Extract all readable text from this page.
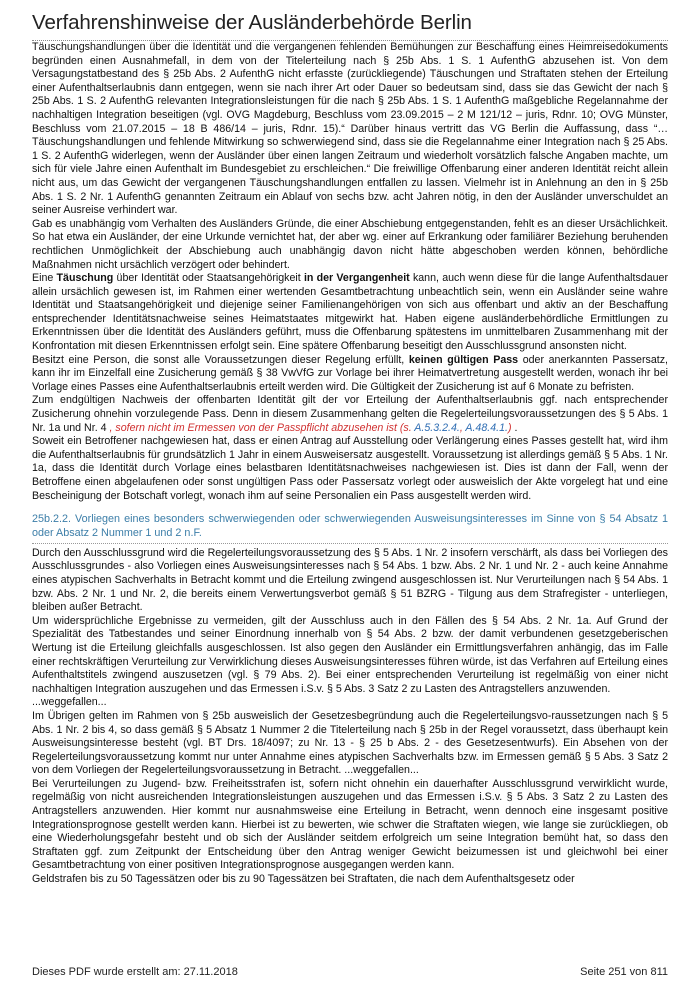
Verfahrenshinweise der Ausländerbehörde Berlin

Täuschungshandlungen über die Identität und die vergangenen fehlenden Bemühungen zur Beschaffung eines Heimreisedokuments begründen einen Ausnahmefall, in dem von der Titelerteilung nach § 25b Abs. 1 S. 1 AufenthG abzusehen ist. Von dem Versagungstatbestand des § 25b Abs. 2 AufenthG nicht erfasste (zurückliegende) Täuschungen und Straftaten stehen der Erteilung einer Aufenthaltserlaubnis dann entgegen, wenn sie nach ihrer Art oder Dauer so bedeutsam sind, dass sie das Gewicht der nach § 25b Abs. 1 S. 2 AufenthG relevanten Integrationsleistungen für die nach § 25b Abs. 1 S. 1 AufenthG maßgebliche Regelannahme der nachhaltigen Integration beseitigen (vgl. OVG Magdeburg, Beschluss vom 23.09.2015 – 2 M 121/12 – juris, Rdnr. 10; OVG Münster, Beschluss vom 21.07.2015 – 18 B 486/14 – juris, Rdnr. 15).“ Darüber hinaus vertritt das VG Berlin die Auffassung, dass “…Täuschungshandlungen und fehlende Mitwirkung so schwerwiegend sind, dass sie die Regelannahme einer Integration nach § 25 Abs. 1 S. 2 AufenthG widerlegen, wenn der Ausländer über einen langen Zeitraum und wiederholt vorsätzlich falsche Angaben machte, um sich für viele Jahre einen Aufenthalt im Bundesgebiet zu erschleichen.“ Die freiwillige Offenbarung einer anderen Identität reicht allein nicht aus, um das Gewicht der vergangenen Täuschungshandlungen entfallen zu lassen. Vielmehr ist in Anlehnung an den in § 25b Abs. 1 S. 2 Nr. 1 AufenthG genannten Zeitraum ein Ablauf von sechs bzw. acht Jahren nötig, in den der Ausländer unverschuldet an seiner Ausreise verhindert war.

Gab es unabhängig vom Verhalten des Ausländers Gründe, die einer Abschiebung entgegenstanden, fehlt es an dieser Ursächlichkeit. So hat etwa ein Ausländer, der eine Urkunde vernichtet hat, der aber wg. einer auf Erkrankung oder familiärer Beziehung beruhenden rechtlichen Unmöglichkeit der Abschiebung auch unabhängig davon nicht hätte abgeschoben werden können, behördliche Maßnahmen nicht ursächlich verzögert oder behindert.

Eine Täuschung über Identität oder Staatsangehörigkeit in der Vergangenheit kann, auch wenn diese für die lange Aufenthaltsdauer allein ursächlich gewesen ist, im Rahmen einer wertenden Gesamtbetrachtung unbeachtlich sein, wenn ein Ausländer seine wahre Identität und Staatsangehörigkeit und diejenige seiner Familienangehörigen von sich aus offenbart und aktiv an der Beschaffung entsprechender Identitätsnachweise seines Heimatstaates mitgewirkt hat. Haben eigene ausländerbehördliche Ermittlungen zu Erkenntnissen über die Identität des Ausländers geführt, muss die Offenbarung spätestens im unmittelbaren Zusammenhang mit der Konfrontation mit diesen Erkenntnissen erfolgt sein. Eine spätere Offenbarung beseitigt den Ausschlussgrund ansonsten nicht.

Besitzt eine Person, die sonst alle Voraussetzungen dieser Regelung erfüllt, keinen gültigen Pass oder anerkannten Passersatz, kann ihr im Einzelfall eine Zusicherung gemäß § 38 VwVfG zur Vorlage bei ihrer Heimatvertretung ausgestellt werden, wonach ihr bei Vorlage eines Passes eine Aufenthaltserlaubnis erteilt werden wird. Die Gültigkeit der Zusicherung ist auf 6 Monate zu befristen.

Zum endgültigen Nachweis der offenbarten Identität gilt der vor Erteilung der Aufenthaltserlaubnis ggf. nach entsprechender Zusicherung ohnehin vorzulegende Pass. Denn in diesem Zusammenhang gelten die Regelerteilungsvoraussetzungen des § 5 Abs. 1 Nr. 1a und Nr. 4 , sofern nicht im Ermessen von der Passpflicht abzusehen ist (s. A.5.3.2.4., A.48.4.1.) .

Soweit ein Betroffener nachgewiesen hat, dass er einen Antrag auf Ausstellung oder Verlängerung eines Passes gestellt hat, wird ihm die Aufenthaltserlaubnis für grundsätzlich 1 Jahr in einem Ausweisersatz ausgestellt. Voraussetzung ist allerdings gemäß § 5 Abs. 1 Nr. 1a, dass die Identität durch Vorlage eines belastbaren Identitätsnachweises nachgewiesen ist. Dies ist dann der Fall, wenn der Betroffene einen abgelaufenen oder sonst ungültigen Pass oder Passersatz vorlegt oder ausweislich der Akte vorgelegt hat und eine Bescheinigung der Botschaft vorlegt, wonach ihm auf seine Personalien ein Pass ausgestellt werden wird.

25b.2.2. Vorliegen eines besonders schwerwiegenden oder schwerwiegenden Ausweisungsinteresses im Sinne von § 54 Absatz 1 oder Absatz 2 Nummer 1 und 2 n.F.

Durch den Ausschlussgrund wird die Regelerteilungsvoraussetzung des § 5 Abs. 1 Nr. 2 insofern verschärft, als dass bei Vorliegen des Ausschlussgrundes - also Vorliegen eines Ausweisungsinteresses nach § 54 Abs. 1 bzw. Abs. 2 Nr. 1 und Nr. 2 - auch keine Annahme eines atypischen Sachverhalts in Betracht kommt und die Erteilung zwingend ausgeschlossen ist. Nur Verurteilungen nach § 54 Abs. 1 bzw. Abs. 2 Nr. 1 und Nr. 2, die bereits einem Verwertungsverbot gemäß § 51 BZRG - Tilgung aus dem Strafregister - unterliegen, bleiben außer Betracht.

Um widersprüchliche Ergebnisse zu vermeiden, gilt der Ausschluss auch in den Fällen des § 54 Abs. 2 Nr. 1a. Auf Grund der Spezialität des Tatbestandes und seiner Einordnung innerhalb von § 54 Abs. 2 bzw. der damit verbundenen gesetzgeberischen Wertung ist die Erteilung gleichfalls ausgeschlossen. Ist also gegen den Ausländer ein Ermittlungsverfahren anhängig, das im Falle einer rechtskräftigen Verurteilung zur Verwirklichung dieses Ausweisungsinteresses führen würde, ist das Verfahren auf Erteilung eines Aufenthaltstitels zwingend auszusetzen (vgl. § 79 Abs. 2). Bei einer entsprechenden Verurteilung ist regelmäßig von einer nicht nachhaltigen Integration auszugehen und das Ermessen i.S.v. § 5 Abs. 3 Satz 2 zu Lasten des Antragstellers anzuwenden.

...weggefallen...

Im Übrigen gelten im Rahmen von § 25b ausweislich der Gesetzesbegründung auch die Regelerteilungsvo-raussetzungen nach § 5 Abs. 1 Nr. 2 bis 4, so dass gemäß § 5 Absatz 1 Nummer 2 die Titelerteilung nach § 25b in der Regel voraussetzt, dass überhaupt kein Ausweisungsinteresse besteht (vgl. BT Drs. 18/4097; zu Nr. 13 - § 25 b Abs. 2 - des Gesetzesentwurfs). Ein Absehen von der Regelerteilungsvoraussetzung kommt nur unter Annahme eines atypischen Sachverhalts bzw. im Ermessen gemäß § 5 Abs. 3 Satz 2 von dem Vorliegen der Regelerteilungsvoraussetzung in Betracht. ...weggefallen...

Bei Verurteilungen zu Jugend- bzw. Freiheitsstrafen ist, sofern nicht ohnehin ein dauerhafter Ausschlussgrund verwirklicht wurde, regelmäßig von nicht ausreichenden Integrationsleistungen auszugehen und das Ermessen i.S.v. § 5 Abs. 3 Satz 2 zu Lasten des Antragstellers anzuwenden. Hier kommt nur ausnahmsweise eine Erteilung in Betracht, wenn dennoch eine insgesamt positive Integrationsprognose gestellt werden kann. Hierbei ist zu bewerten, wie schwer die Straftaten wiegen, wie lange sie zurückliegen, ob eine Wiederholungsgefahr besteht und ob sich der Ausländer seitdem erfolgreich um seine Integration bemüht hat, so dass den Straftaten ggf. zum Zeitpunkt der Entscheidung über den Antrag weniger Gewicht beizumessen ist und gleichwohl bei einer Gesamtbetrachtung von einer positiven Integrationsprognose ausgegangen werden kann.

Geldstrafen bis zu 50 Tagessätzen oder bis zu 90 Tagessätzen bei Straftaten, die nach dem Aufenthaltsgesetz oder

Dieses PDF wurde erstellt am: 27.11.2018	Seite 251 von 811
